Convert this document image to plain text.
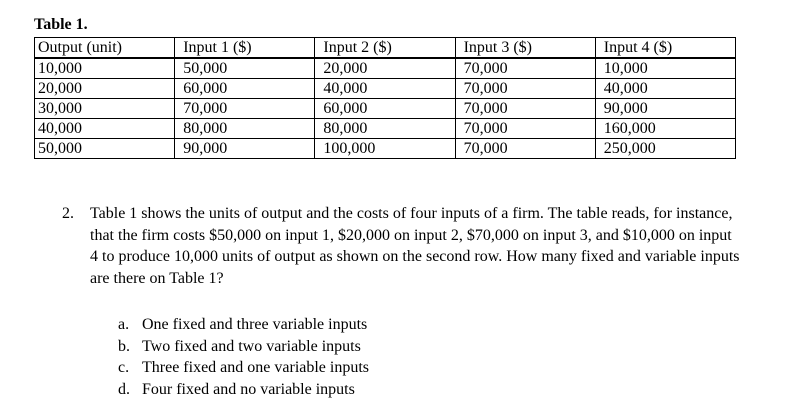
Table 1.
Output (unit)	Input 1 ($)	Input 2 ($)	Input 3 ($)	Input 4 ($)
10,000	50,000	20,000	70,000	10,000
20,000	60,000	40,000	70,000	40,000
30,000	70,000	60,000	70,000	90,000
40,000	80,000	80,000	70,000	160,000
50,000	90,000	100,000	70,000	250,000
2. Table 1 shows the units of output and the costs of four inputs of a firm. The table reads, for instance, that the firm costs $50,000 on input 1, $20,000 on input 2, $70,000 on input 3, and $10,000 on input 4 to produce 10,000 units of output as shown on the second row. How many fixed and variable inputs are there on Table 1?
a. One fixed and three variable inputs
b. Two fixed and two variable inputs
c. Three fixed and one variable inputs
d. Four fixed and no variable inputs
